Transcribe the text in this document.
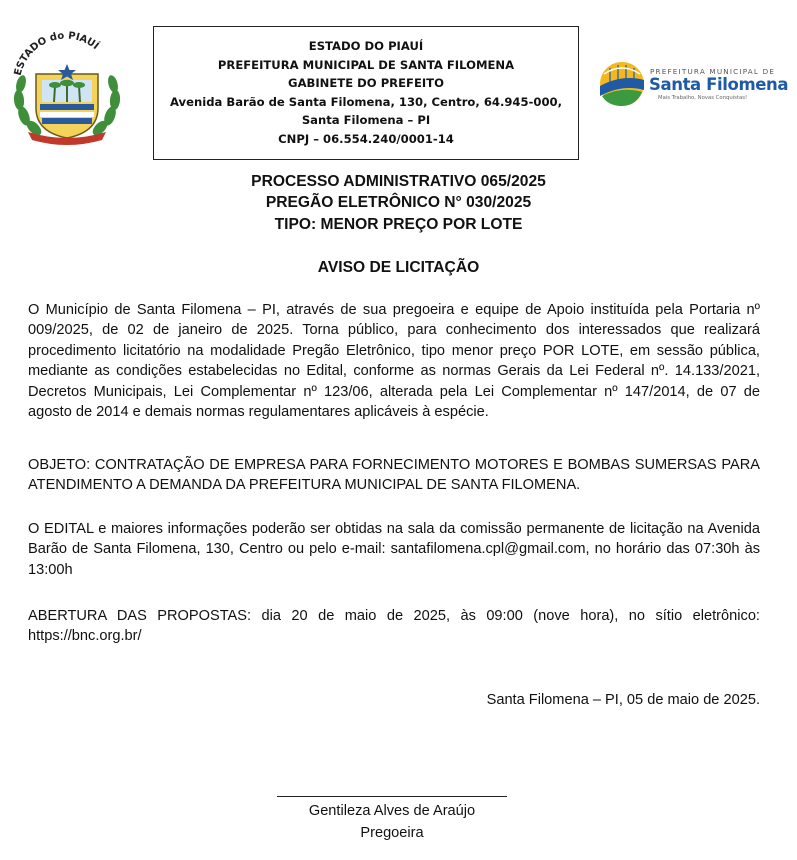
ESTADO do PIAUÍ	ESTADO DO PIAUÍ
PREFEITURA MUNICIPAL DE SANTA FILOMENA
GABINETE DO PREFEITO
Avenida Barão de Santa Filomena, 130, Centro, 64.945-000,
Santa Filomena – PI
CNPJ – 06.554.240/0001-14
PREFEITURA MUNICIPAL DE
Santa Filomena
Mais Trabalho, Novas Conquistas!
PROCESSO ADMINISTRATIVO 065/2025
PREGÃO ELETRÔNICO N° 030/2025
TIPO: MENOR PREÇO POR LOTE
AVISO DE LICITAÇÃO
O Município de Santa Filomena – PI, através de sua pregoeira e equipe de Apoio instituída pela Portaria nº 009/2025, de 02 de janeiro de 2025. Torna público, para conhecimento dos interessados que realizará procedimento licitatório na modalidade Pregão Eletrônico, tipo menor preço POR LOTE, em sessão pública, mediante as condições estabelecidas no Edital, conforme as normas Gerais da Lei Federal nº. 14.133/2021, Decretos Municipais, Lei Complementar nº 123/06, alterada pela Lei Complementar nº 147/2014, de 07 de agosto de 2014 e demais normas regulamentares aplicáveis à espécie.
OBJETO: CONTRATAÇÃO DE EMPRESA PARA FORNECIMENTO MOTORES E BOMBAS SUMERSAS PARA ATENDIMENTO A DEMANDA DA PREFEITURA MUNICIPAL DE SANTA FILOMENA.
O EDITAL e maiores informações poderão ser obtidas na sala da comissão permanente de licitação na Avenida Barão de Santa Filomena, 130, Centro ou pelo e-mail: santafilomena.cpl@gmail.com, no horário das 07:30h às 13:00h
ABERTURA DAS PROPOSTAS: dia 20 de maio de 2025, às 09:00 (nove hora), no sítio eletrônico: https://bnc.org.br/
Santa Filomena – PI, 05 de maio de 2025.
Gentileza Alves de Araújo
Pregoeira
